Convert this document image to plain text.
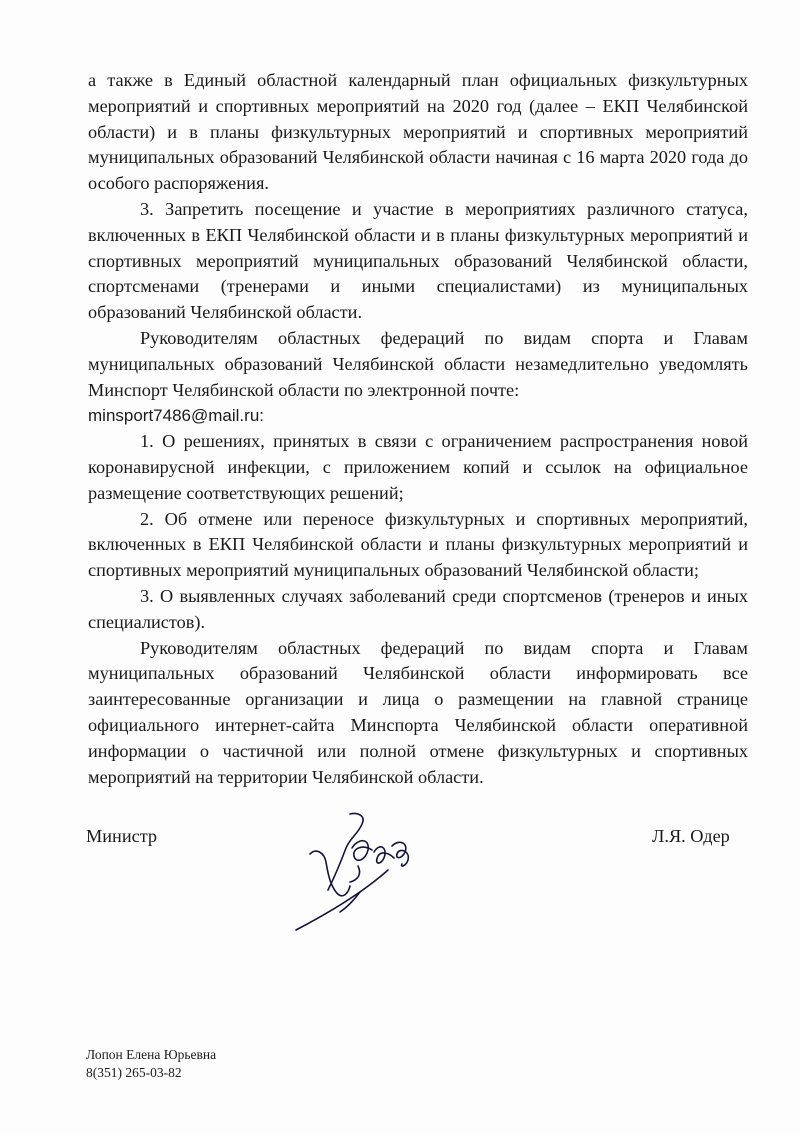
а также в Единый областной календарный план официальных физкультурных мероприятий и спортивных мероприятий на 2020 год (далее – ЕКП Челябинской области) и в планы физкультурных мероприятий и спортивных мероприятий муниципальных образований Челябинской области начиная с 16 марта 2020 года до особого распоряжения.

3. Запретить посещение и участие в мероприятиях различного статуса, включенных в ЕКП Челябинской области и в планы физкультурных мероприятий и спортивных мероприятий муниципальных образований Челябинской области, спортсменами (тренерами и иными специалистами) из муниципальных образований Челябинской области.

Руководителям областных федераций по видам спорта и Главам муниципальных образований Челябинской области незамедлительно уведомлять Минспорт Челябинской области по электронной почте:
minsport7486@mail.ru:

1. О решениях, принятых в связи с ограничением распространения новой коронавирусной инфекции, с приложением копий и ссылок на официальное размещение соответствующих решений;

2. Об отмене или переносе физкультурных и спортивных мероприятий, включенных в ЕКП Челябинской области и планы физкультурных мероприятий и спортивных мероприятий муниципальных образований Челябинской области;

3. О выявленных случаях заболеваний среди спортсменов (тренеров и иных специалистов).

Руководителям областных федераций по видам спорта и Главам муниципальных образований Челябинской области информировать все заинтересованные организации и лица о размещении на главной странице официального интернет-сайта Минспорта Челябинской области оперативной информации о частичной или полной отмене физкультурных и спортивных мероприятий на территории Челябинской области.

Министр	Л.Я. Одер
Лопон Елена Юрьевна
8(351) 265-03-82
